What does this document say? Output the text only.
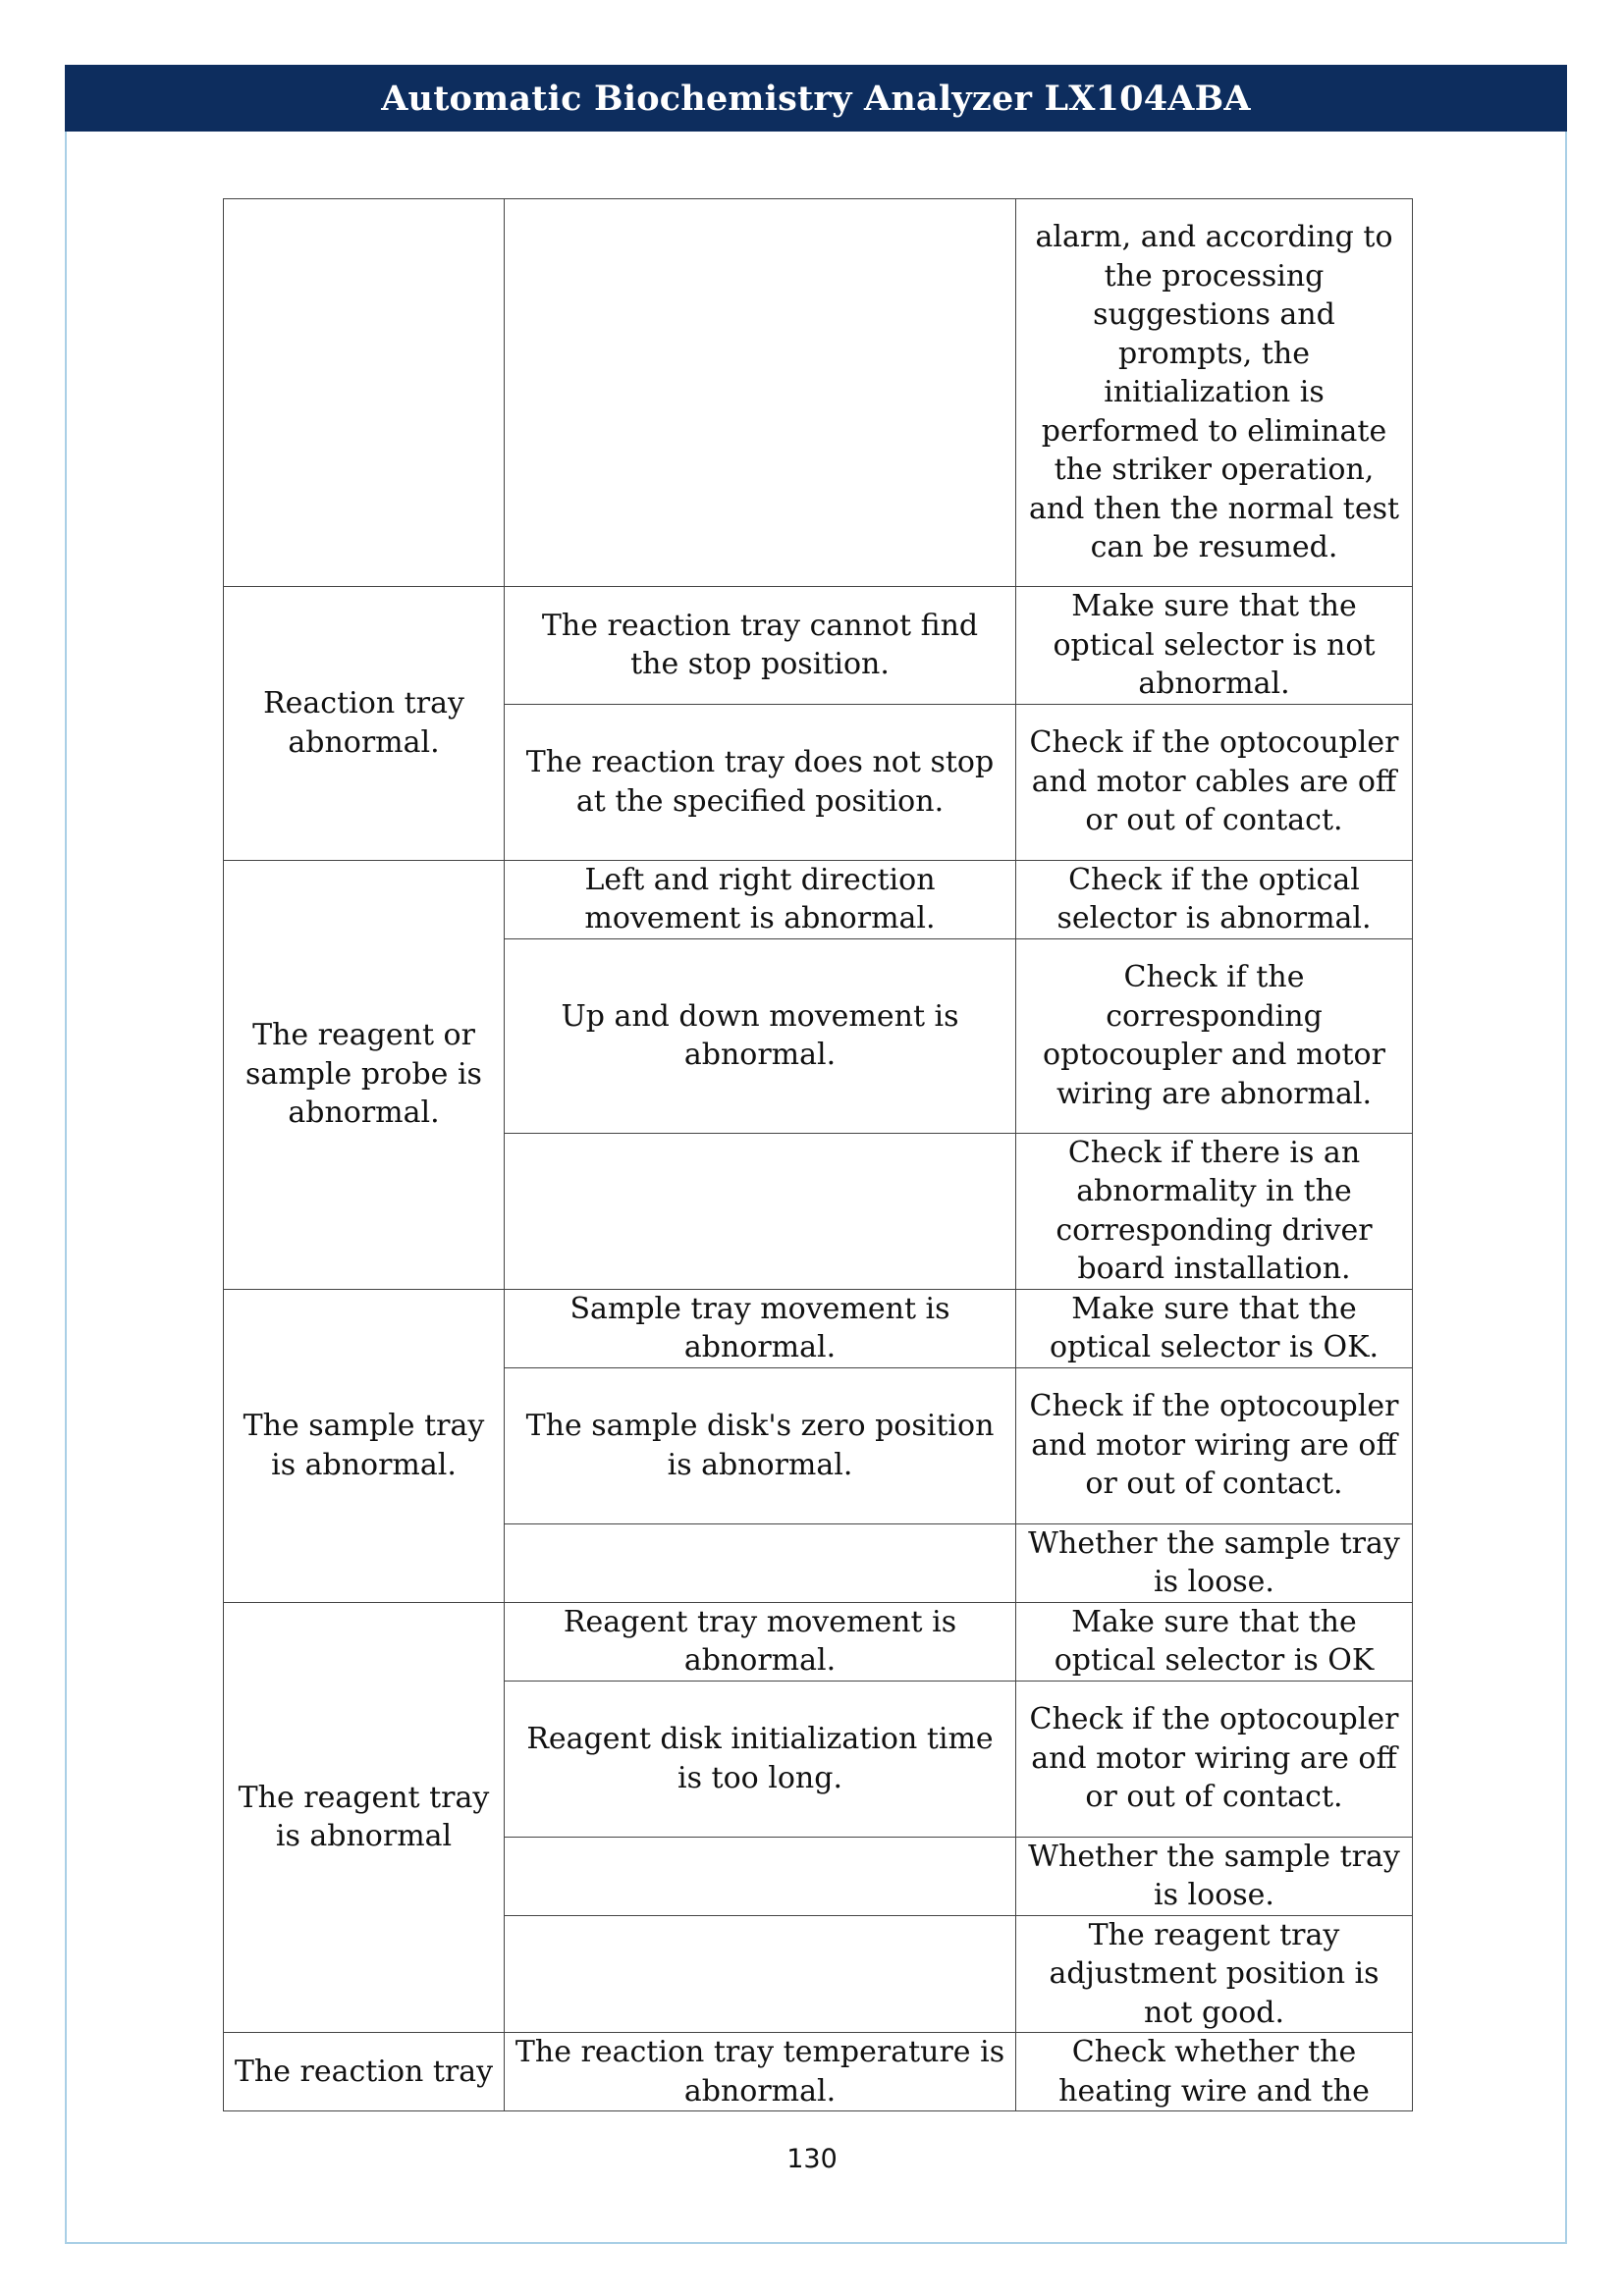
Automatic Biochemistry Analyzer LX104ABA

		alarm, and according to the processing suggestions and prompts, the initialization is performed to eliminate the striker operation, and then the normal test can be resumed.

Reaction tray abnormal.	The reaction tray cannot find the stop position.	Make sure that the optical selector is not abnormal.

	The reaction tray does not stop at the specified position.	Check if the optocoupler and motor cables are off or out of contact.

The reagent or sample probe is abnormal.	Left and right direction movement is abnormal.	Check if the optical selector is abnormal.

	Up and down movement is abnormal.	Check if the corresponding optocoupler and motor wiring are abnormal.

		Check if there is an abnormality in the corresponding driver board installation.

The sample tray is abnormal.	Sample tray movement is abnormal.	Make sure that the optical selector is OK.

	The sample disk's zero position is abnormal.	Check if the optocoupler and motor wiring are off or out of contact.

		Whether the sample tray is loose.

The reagent tray is abnormal	Reagent tray movement is abnormal.	Make sure that the optical selector is OK

	Reagent disk initialization time is too long.	Check if the optocoupler and motor wiring are off or out of contact.

		Whether the sample tray is loose.

		The reagent tray adjustment position is not good.

The reaction tray	The reaction tray temperature is abnormal.	Check whether the heating wire and the
130
